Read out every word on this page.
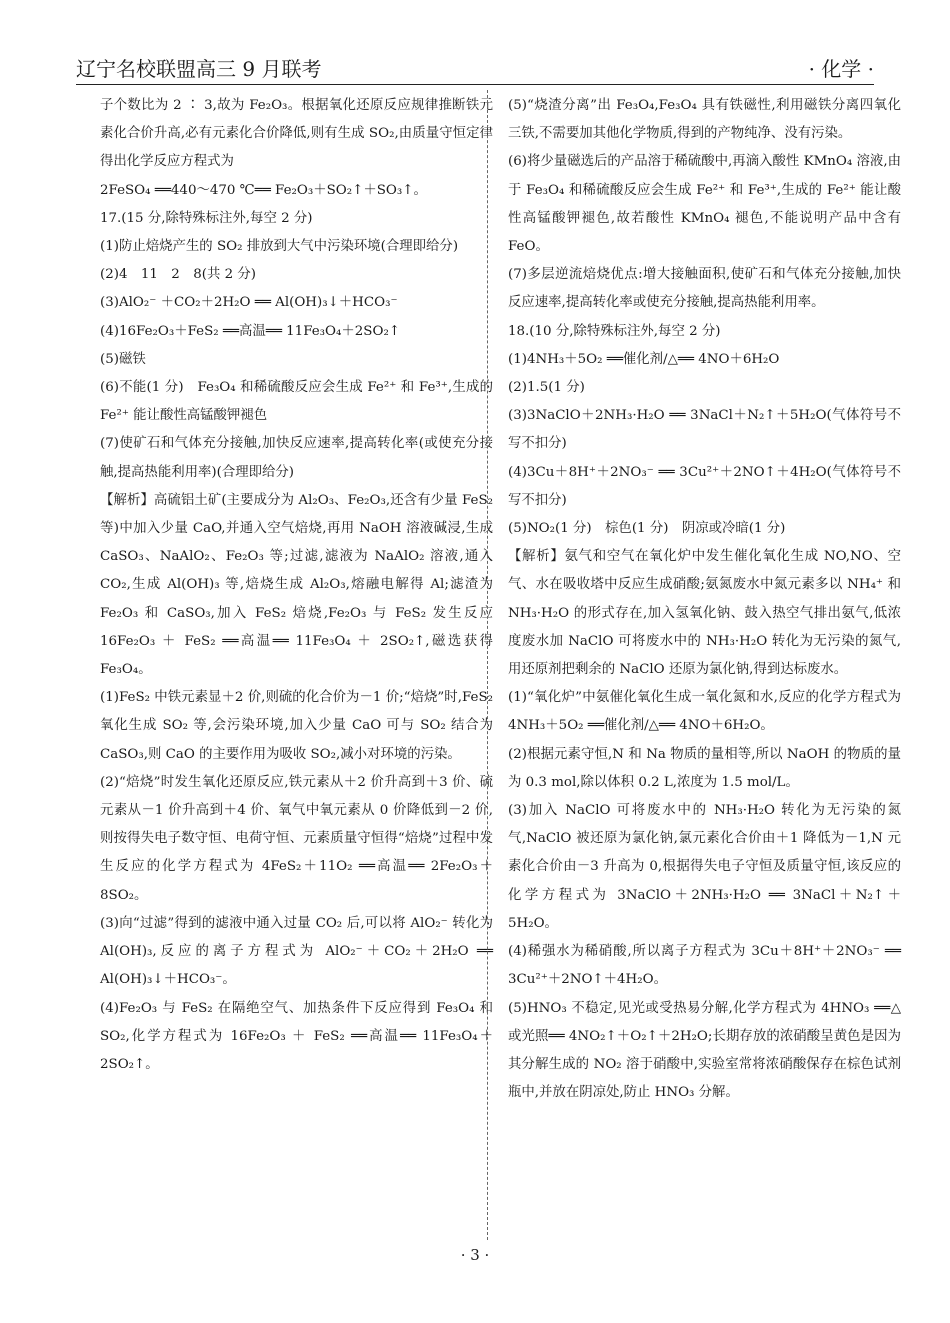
辽宁名校联盟高三 9 月联考	· 化学 ·

子个数比为 2 ∶ 3,故为 Fe₂O₃。根据氧化还原反应规律推断铁元素化合价升高,必有元素化合价降低,则有生成 SO₂,由质量守恒定律得出化学反应方程式为

2FeSO₄ ══440～470 ℃══ Fe₂O₃＋SO₂↑＋SO₃↑。

17.(15 分,除特殊标注外,每空 2 分)

(1)防止焙烧产生的 SO₂ 排放到大气中污染环境(合理即给分)

(2)4　11　2　8(共 2 分)

(3)AlO₂⁻ ＋CO₂＋2H₂O ══ Al(OH)₃↓＋HCO₃⁻

(4)16Fe₂O₃＋FeS₂ ══高温══ 11Fe₃O₄＋2SO₂↑

(5)磁铁

(6)不能(1 分)　Fe₃O₄ 和稀硫酸反应会生成 Fe²⁺ 和 Fe³⁺,生成的 Fe²⁺ 能让酸性高锰酸钾褪色

(7)使矿石和气体充分接触,加快反应速率,提高转化率(或使充分接触,提高热能利用率)(合理即给分)

【解析】高硫铝土矿(主要成分为 Al₂O₃、Fe₂O₃,还含有少量 FeS₂ 等)中加入少量 CaO,并通入空气焙烧,再用 NaOH 溶液碱浸,生成 CaSO₃、NaAlO₂、Fe₂O₃ 等;过滤,滤液为 NaAlO₂ 溶液,通入 CO₂,生成 Al(OH)₃ 等,焙烧生成 Al₂O₃,熔融电解得 Al;滤渣为 Fe₂O₃ 和 CaSO₃,加入 FeS₂ 焙烧,Fe₂O₃ 与 FeS₂ 发生反应 16Fe₂O₃ ＋ FeS₂ ══高温══ 11Fe₃O₄ ＋ 2SO₂↑,磁选获得 Fe₃O₄。

(1)FeS₂ 中铁元素显＋2 价,则硫的化合价为－1 价;“焙烧”时,FeS₂ 氧化生成 SO₂ 等,会污染环境,加入少量 CaO 可与 SO₂ 结合为 CaSO₃,则 CaO 的主要作用为吸收 SO₂,减小对环境的污染。

(2)“焙烧”时发生氧化还原反应,铁元素从＋2 价升高到＋3 价、硫元素从－1 价升高到＋4 价、氧气中氧元素从 0 价降低到－2 价,则按得失电子数守恒、电荷守恒、元素质量守恒得“焙烧”过程中发生反应的化学方程式为 4FeS₂＋11O₂ ══高温══ 2Fe₂O₃＋8SO₂。

(3)向“过滤”得到的滤液中通入过量 CO₂ 后,可以将 AlO₂⁻ 转化为 Al(OH)₃,反应的离子方程式为 AlO₂⁻＋CO₂＋2H₂O ══ Al(OH)₃↓＋HCO₃⁻。

(4)Fe₂O₃ 与 FeS₂ 在隔绝空气、加热条件下反应得到 Fe₃O₄ 和 SO₂,化学方程式为 16Fe₂O₃ ＋ FeS₂ ══高温══ 11Fe₃O₄＋2SO₂↑。

(5)“烧渣分离”出 Fe₃O₄,Fe₃O₄ 具有铁磁性,利用磁铁分离四氧化三铁,不需要加其他化学物质,得到的产物纯净、没有污染。

(6)将少量磁选后的产品溶于稀硫酸中,再滴入酸性 KMnO₄ 溶液,由于 Fe₃O₄ 和稀硫酸反应会生成 Fe²⁺ 和 Fe³⁺,生成的 Fe²⁺ 能让酸性高锰酸钾褪色,故若酸性 KMnO₄ 褪色,不能说明产品中含有 FeO。

(7)多层逆流焙烧优点:增大接触面积,使矿石和气体充分接触,加快反应速率,提高转化率或使充分接触,提高热能利用率。

18.(10 分,除特殊标注外,每空 2 分)

(1)4NH₃＋5O₂ ══催化剂/△══ 4NO＋6H₂O

(2)1.5(1 分)

(3)3NaClO＋2NH₃·H₂O ══ 3NaCl＋N₂↑＋5H₂O(气体符号不写不扣分)

(4)3Cu＋8H⁺＋2NO₃⁻ ══ 3Cu²⁺＋2NO↑＋4H₂O(气体符号不写不扣分)

(5)NO₂(1 分)　棕色(1 分)　阴凉或冷暗(1 分)

【解析】氨气和空气在氧化炉中发生催化氧化生成 NO,NO、空气、水在吸收塔中反应生成硝酸;氨氮废水中氮元素多以 NH₄⁺ 和 NH₃·H₂O 的形式存在,加入氢氧化钠、鼓入热空气排出氨气,低浓度废水加 NaClO 可将废水中的 NH₃·H₂O 转化为无污染的氮气,用还原剂把剩余的 NaClO 还原为氯化钠,得到达标废水。

(1)“氧化炉”中氨催化氧化生成一氧化氮和水,反应的化学方程式为 4NH₃＋5O₂ ══催化剂/△══ 4NO＋6H₂O。

(2)根据元素守恒,N 和 Na 物质的量相等,所以 NaOH 的物质的量为 0.3 mol,除以体积 0.2 L,浓度为 1.5 mol/L。

(3)加入 NaClO 可将废水中的 NH₃·H₂O 转化为无污染的氮气,NaClO 被还原为氯化钠,氯元素化合价由＋1 降低为－1,N 元素化合价由－3 升高为 0,根据得失电子守恒及质量守恒,该反应的化学方程式为 3NaClO＋2NH₃·H₂O ══ 3NaCl＋N₂↑＋5H₂O。

(4)稀强水为稀硝酸,所以离子方程式为 3Cu＋8H⁺＋2NO₃⁻ ══ 3Cu²⁺＋2NO↑＋4H₂O。

(5)HNO₃ 不稳定,见光或受热易分解,化学方程式为 4HNO₃ ══△或光照══ 4NO₂↑＋O₂↑＋2H₂O;长期存放的浓硝酸呈黄色是因为其分解生成的 NO₂ 溶于硝酸中,实验室常将浓硝酸保存在棕色试剂瓶中,并放在阴凉处,防止 HNO₃ 分解。

· 3 ·
